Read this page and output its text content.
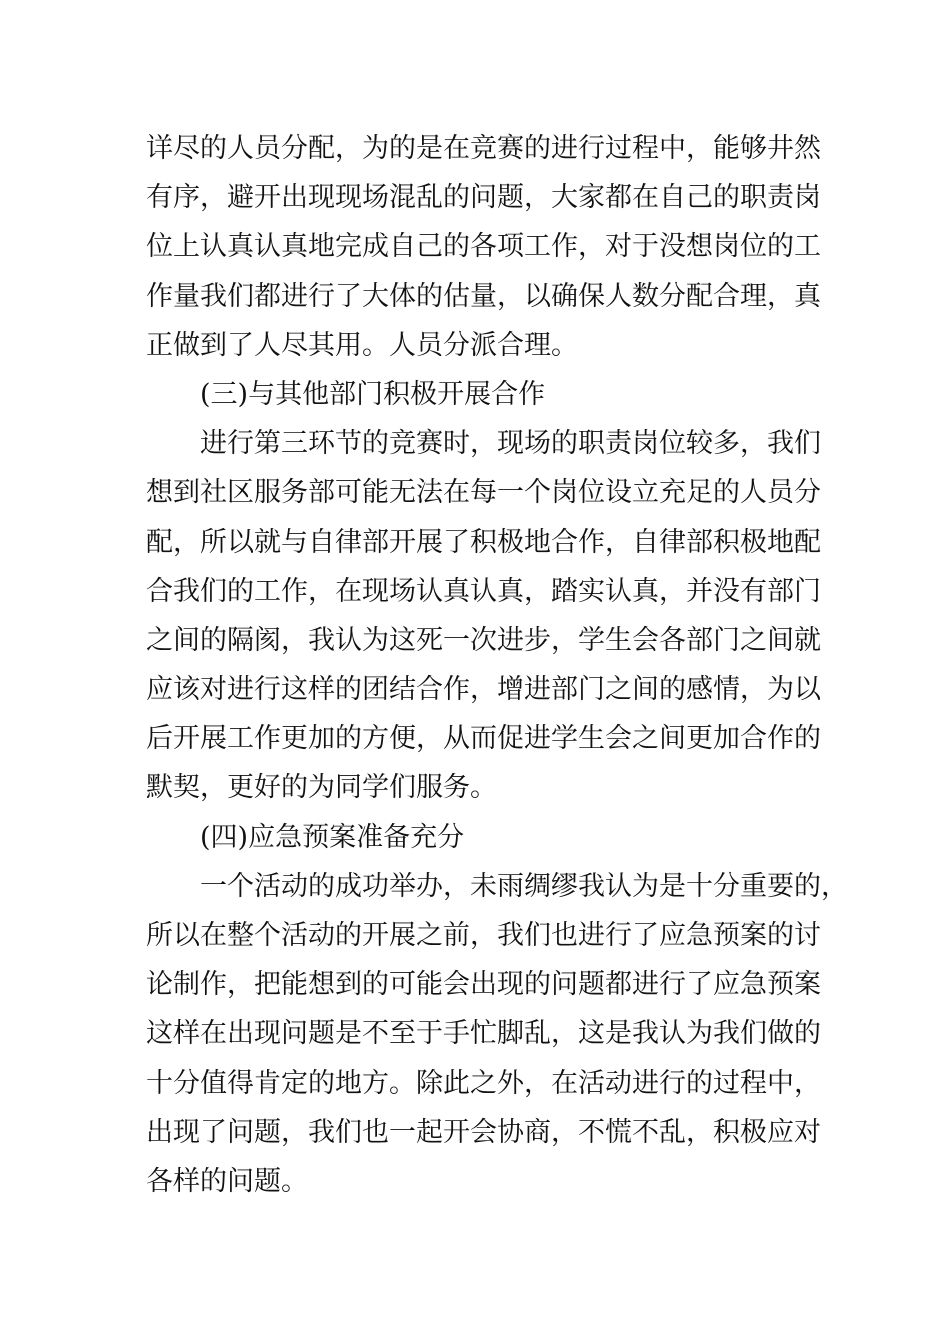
详尽的人员分配，为的是在竞赛的进行过程中，能够井然
有序，避开出现现场混乱的问题，大家都在自己的职责岗
位上认真认真地完成自己的各项工作，对于没想岗位的工
作量我们都进行了大体的估量，以确保人数分配合理，真
正做到了人尽其用。人员分派合理。
(三)与其他部门积极开展合作
进行第三环节的竞赛时，现场的职责岗位较多，我们
想到社区服务部可能无法在每一个岗位设立充足的人员分
配，所以就与自律部开展了积极地合作，自律部积极地配
合我们的工作，在现场认真认真，踏实认真，并没有部门
之间的隔阂，我认为这死一次进步，学生会各部门之间就
应该对进行这样的团结合作，增进部门之间的感情，为以
后开展工作更加的方便，从而促进学生会之间更加合作的
默契，更好的为同学们服务。
(四)应急预案准备充分
一个活动的成功举办，未雨绸缪我认为是十分重要的，
所以在整个活动的开展之前，我们也进行了应急预案的讨
论制作，把能想到的可能会出现的问题都进行了应急预案
这样在出现问题是不至于手忙脚乱，这是我认为我们做的
十分值得肯定的地方。除此之外，在活动进行的过程中，
出现了问题，我们也一起开会协商，不慌不乱，积极应对
各样的问题。
